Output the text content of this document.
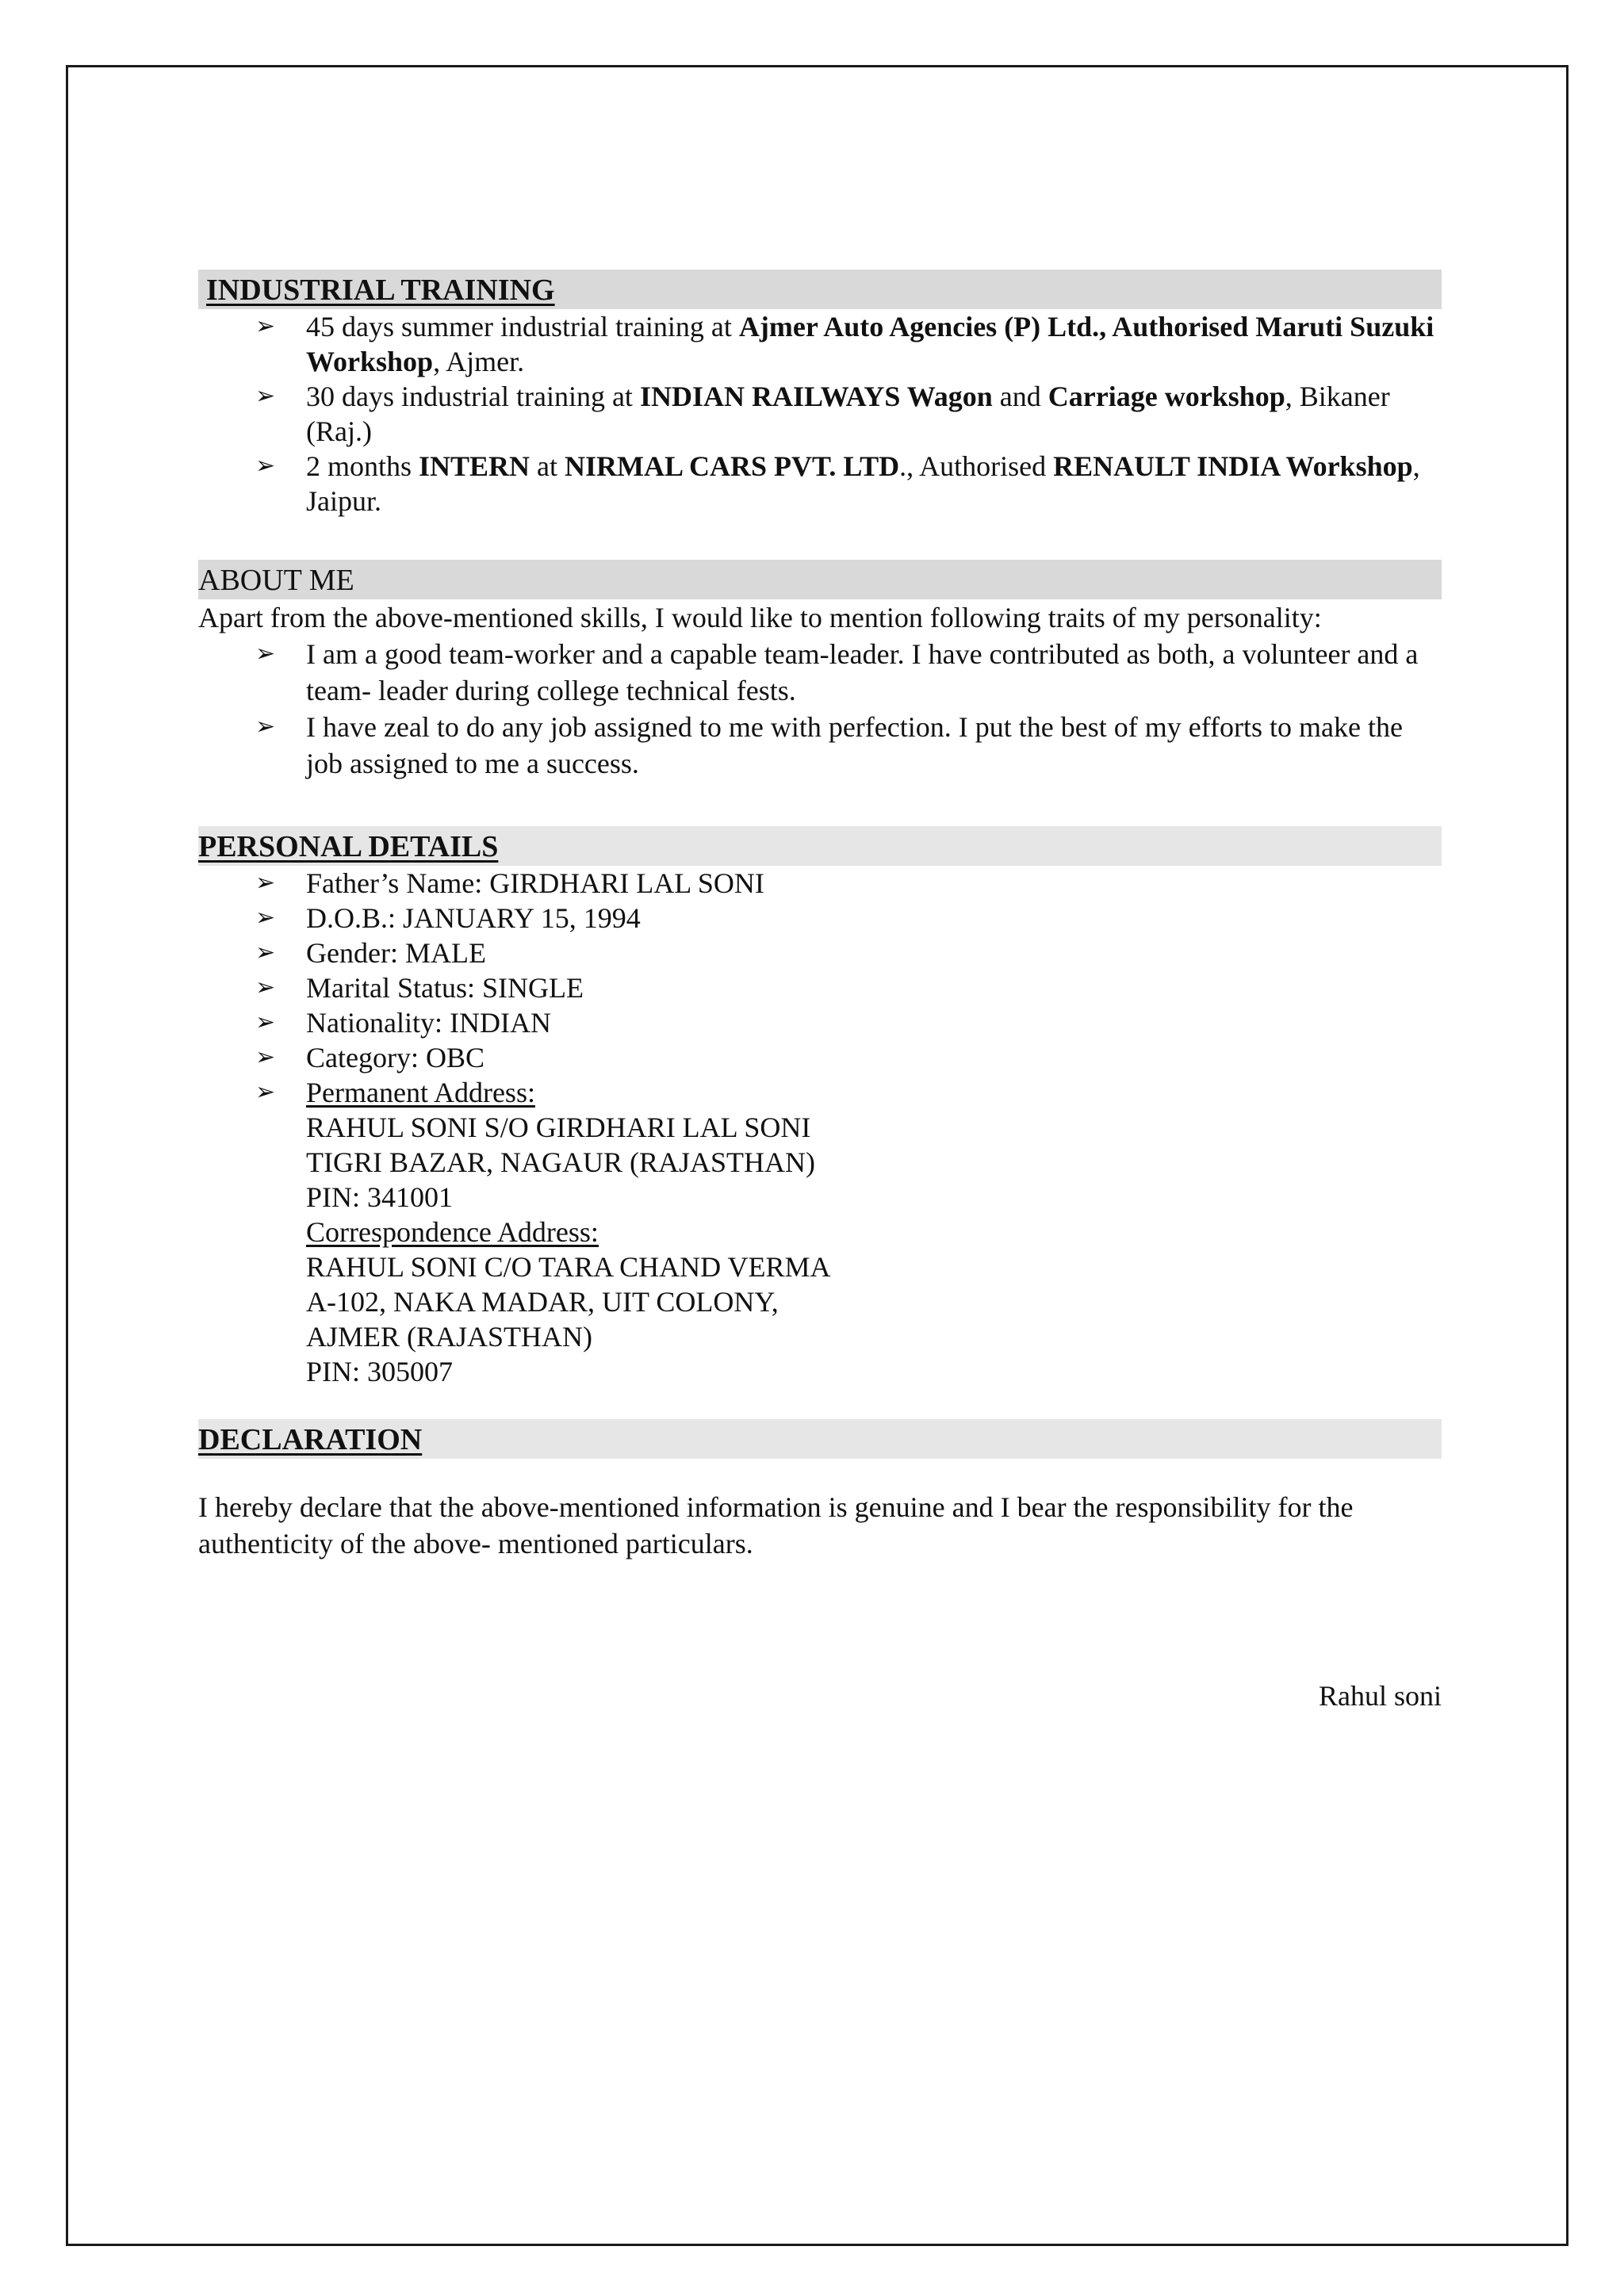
INDUSTRIAL TRAINING
➢ 45 days summer industrial training at Ajmer Auto Agencies (P) Ltd., Authorised Maruti Suzuki Workshop, Ajmer.
➢ 30 days industrial training at INDIAN RAILWAYS Wagon and Carriage workshop, Bikaner (Raj.)
➢ 2 months INTERN at NIRMAL CARS PVT. LTD., Authorised RENAULT INDIA Workshop, Jaipur.
ABOUT ME

Apart from the above-mentioned skills, I would like to mention following traits of my personality:

➢ I am a good team-worker and a capable team-leader. I have contributed as both, a volunteer and a team- leader during college technical fests.
➢ I have zeal to do any job assigned to me with perfection. I put the best of my efforts to make the job assigned to me a success.
PERSONAL DETAILS
➢ Father’s Name: GIRDHARI LAL SONI
➢ D.O.B.: JANUARY 15, 1994
➢ Gender: MALE
➢ Marital Status: SINGLE
➢ Nationality: INDIAN
➢ Category: OBC
➢ Permanent Address:
RAHUL SONI S/O GIRDHARI LAL SONI
TIGRI BAZAR, NAGAUR (RAJASTHAN)
PIN: 341001
Correspondence Address:
RAHUL SONI C/O TARA CHAND VERMA
A-102, NAKA MADAR, UIT COLONY,
AJMER (RAJASTHAN)
PIN: 305007
DECLARATION

I hereby declare that the above-mentioned information is genuine and I bear the responsibility for the authenticity of the above- mentioned particulars.

Rahul soni
